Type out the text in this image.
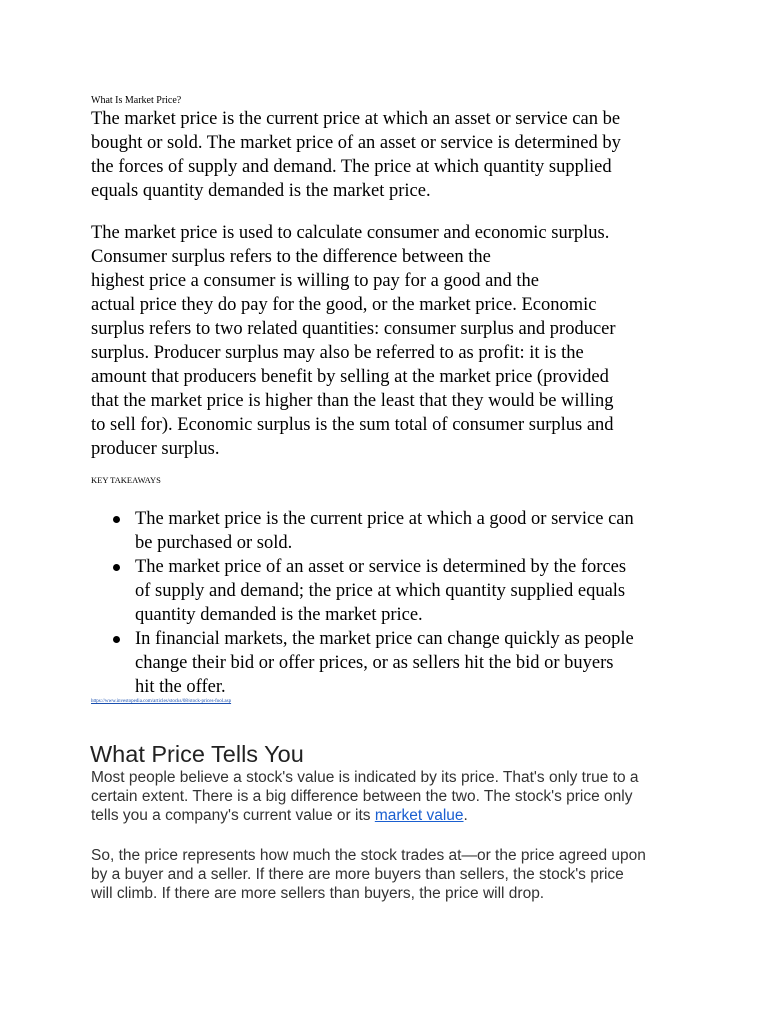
What Is Market Price?

The market price is the current price at which an asset or service can be
bought or sold. The market price of an asset or service is determined by
the forces of supply and demand. The price at which quantity supplied
equals quantity demanded is the market price.

The market price is used to calculate consumer and economic surplus.
Consumer surplus refers to the difference between the
highest price a consumer is willing to pay for a good and the
actual price they do pay for the good, or the market price. Economic
surplus refers to two related quantities: consumer surplus and producer
surplus. Producer surplus may also be referred to as profit: it is the
amount that producers benefit by selling at the market price (provided
that the market price is higher than the least that they would be willing
to sell for). Economic surplus is the sum total of consumer surplus and
producer surplus.

KEY TAKEAWAYS
The market price is the current price at which a good or service can
be purchased or sold.
The market price of an asset or service is determined by the forces
of supply and demand; the price at which quantity supplied equals
quantity demanded is the market price.
In financial markets, the market price can change quickly as people
change their bid or offer prices, or as sellers hit the bid or buyers
hit the offer.
https://www.investopedia.com/articles/stocks/08/stock-prices-fool.asp
What Price Tells You

Most people believe a stock's value is indicated by its price. That's only true to a
certain extent. There is a big difference between the two. The stock's price only
tells you a company's current value or its market value.

So, the price represents how much the stock trades at—or the price agreed upon
by a buyer and a seller. If there are more buyers than sellers, the stock's price
will climb. If there are more sellers than buyers, the price will drop.
